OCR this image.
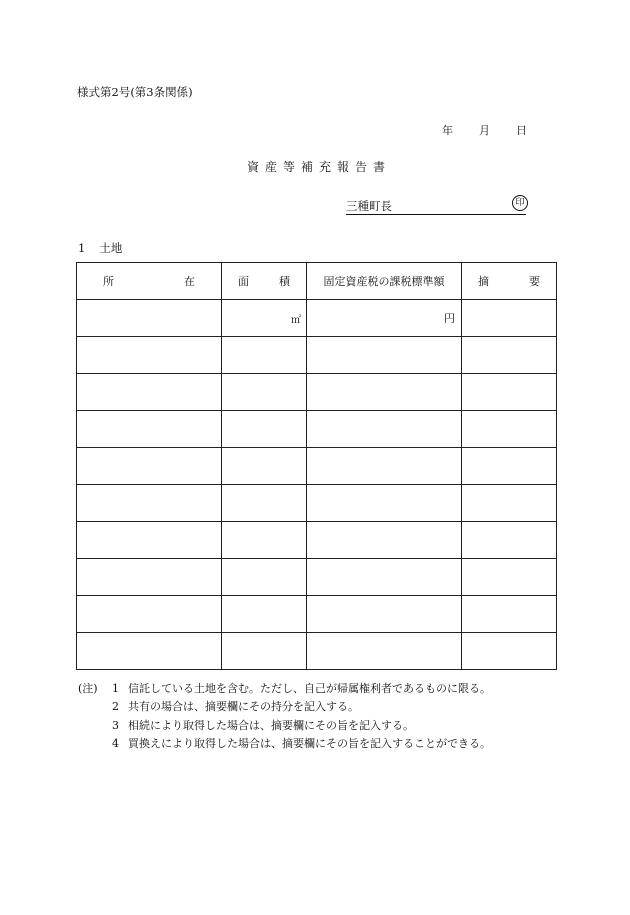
様式第2号(第3条関係)
年 月 日
資産等補充報告書
三種町長	印
1 土地
所 在	面 積	固定資産税の課税標準額	摘 要

	㎡	円	

(注)	1 信託している土地を含む。ただし、自己が帰属権利者であるものに限る。
2 共有の場合は、摘要欄にその持分を記入する。
3 相続により取得した場合は、摘要欄にその旨を記入する。
4 買換えにより取得した場合は、摘要欄にその旨を記入することができる。
